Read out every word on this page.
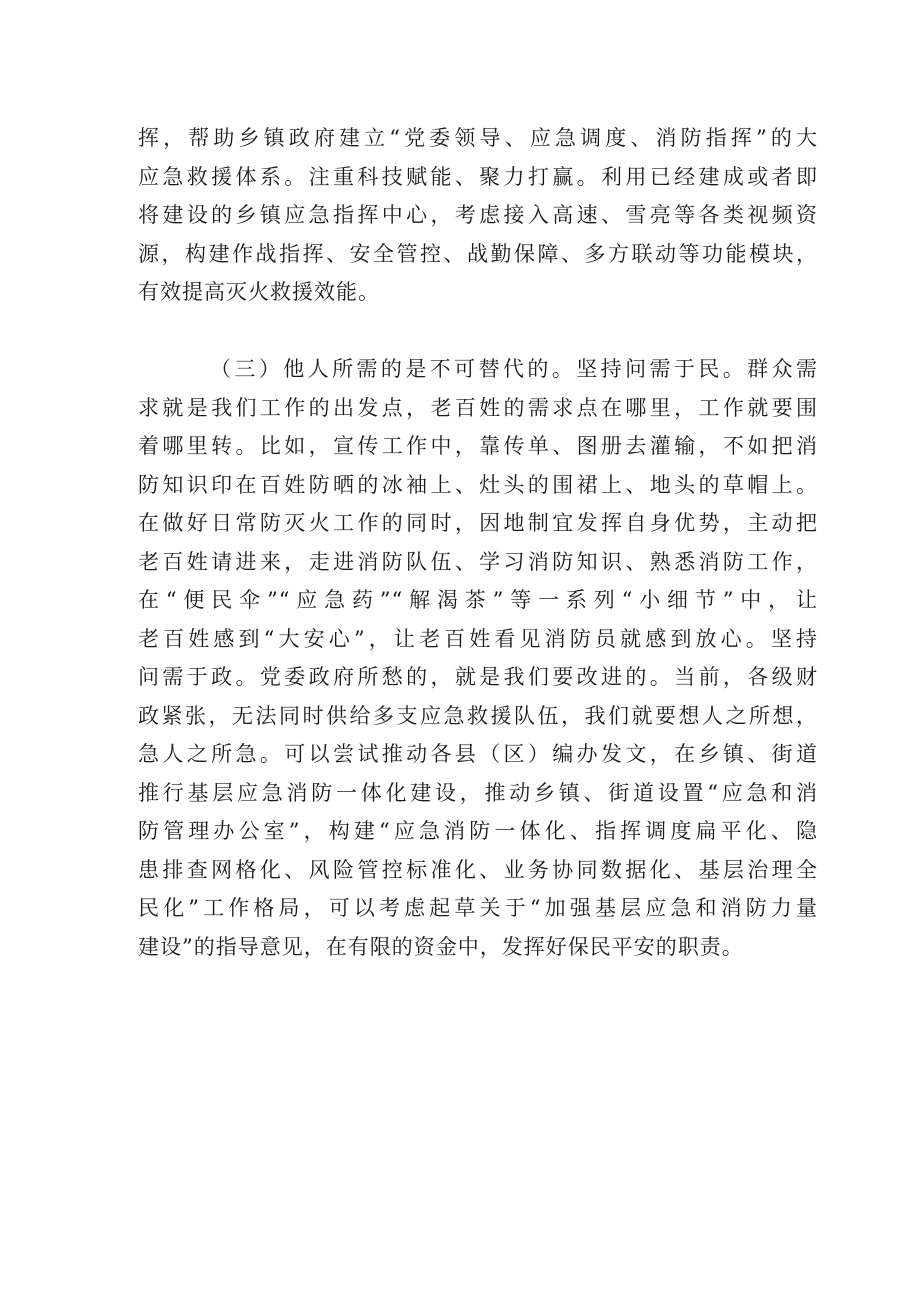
挥，帮助乡镇政府建立“党委领导、应急调度、消防指挥”的大
应急救援体系。注重科技赋能、聚力打赢。利用已经建成或者即
将建设的乡镇应急指挥中心，考虑接入高速、雪亮等各类视频资
源，构建作战指挥、安全管控、战勤保障、多方联动等功能模块，
有效提高灭火救援效能。
（三）他人所需的是不可替代的。坚持问需于民。群众需
求就是我们工作的出发点，老百姓的需求点在哪里，工作就要围
着哪里转。比如，宣传工作中，靠传单、图册去灌输，不如把消
防知识印在百姓防晒的冰袖上、灶头的围裙上、地头的草帽上。
在做好日常防灭火工作的同时，因地制宜发挥自身优势，主动把
老百姓请进来，走进消防队伍、学习消防知识、熟悉消防工作，
在“便民伞”“应急药”“解渴茶”等一系列“小细节”中，让
老百姓感到“大安心”，让老百姓看见消防员就感到放心。坚持
问需于政。党委政府所愁的，就是我们要改进的。当前，各级财
政紧张，无法同时供给多支应急救援队伍，我们就要想人之所想，
急人之所急。可以尝试推动各县（区）编办发文，在乡镇、街道
推行基层应急消防一体化建设，推动乡镇、街道设置“应急和消
防管理办公室”，构建“应急消防一体化、指挥调度扁平化、隐
患排查网格化、风险管控标准化、业务协同数据化、基层治理全
民化”工作格局，可以考虑起草关于“加强基层应急和消防力量
建设”的指导意见，在有限的资金中，发挥好保民平安的职责。
